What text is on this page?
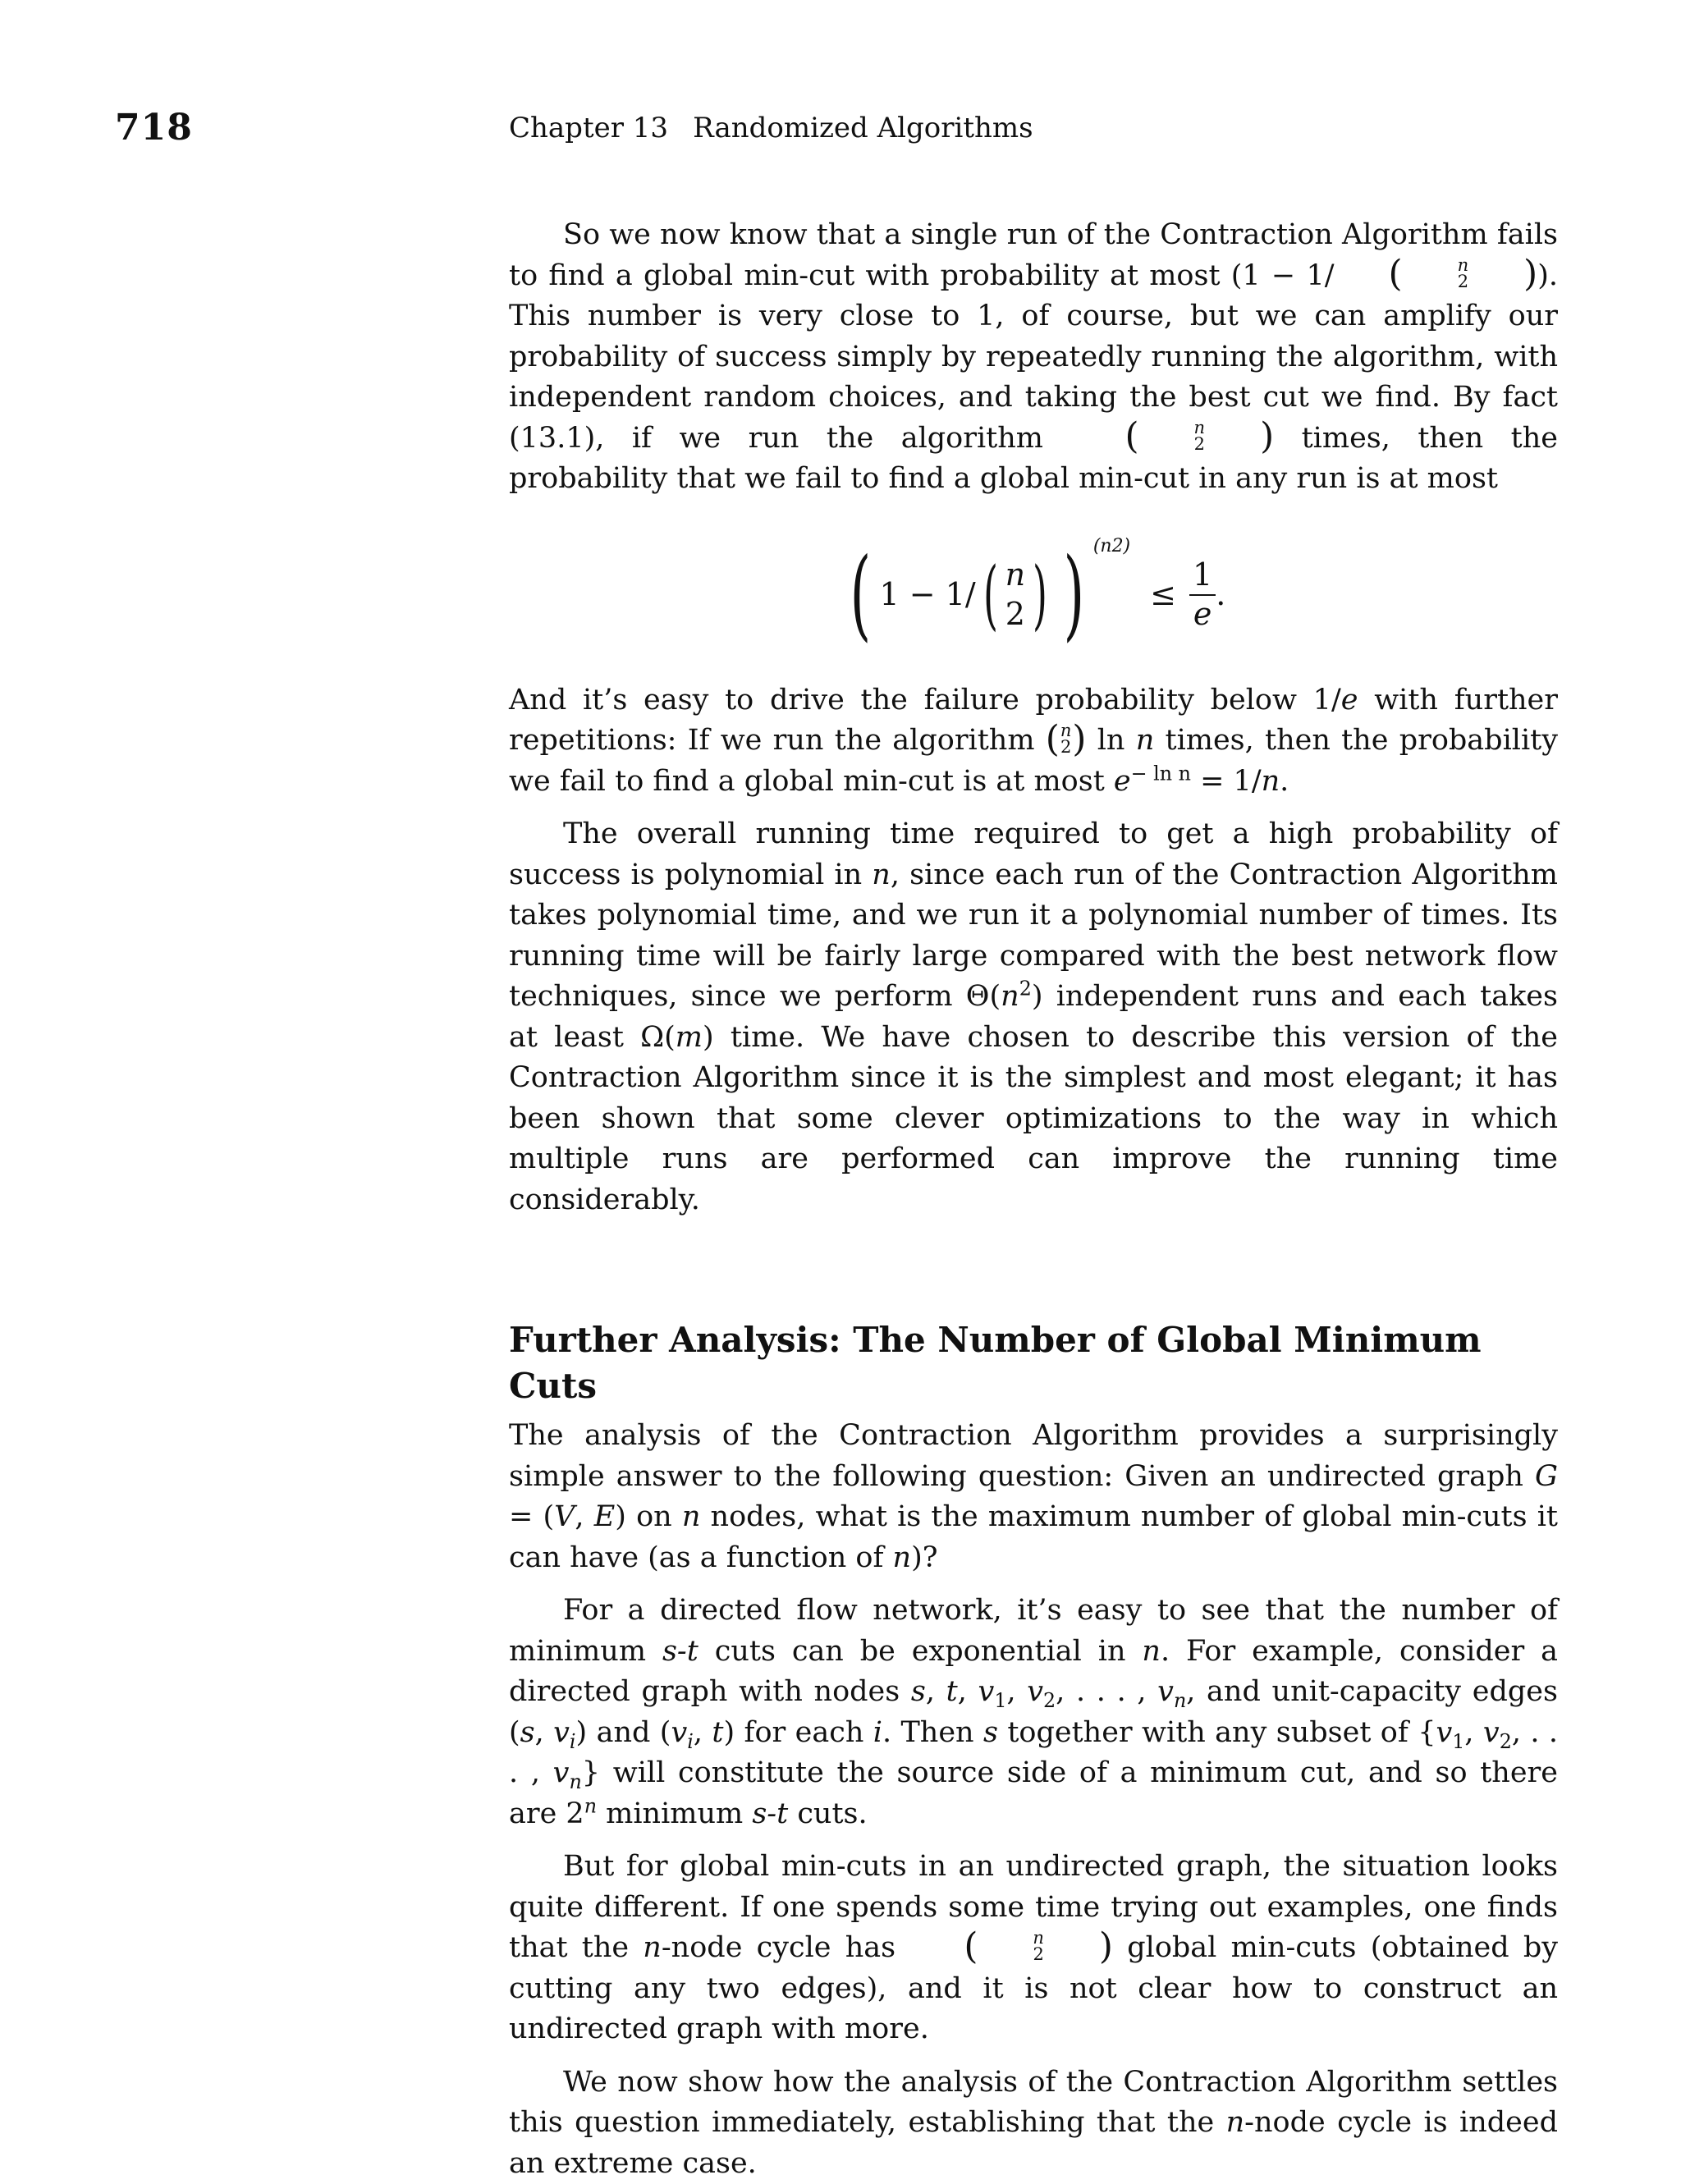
718	Chapter 13 Randomized Algorithms

So we now know that a single run of the Contraction Algorithm fails to find a global min-cut with probability at most (1 − 1/	(	n
2	) ). This number is very close to 1, of course, but we can amplify our probability of success simply by repeatedly running the algorithm, with independent random choices, and taking the best cut we find. By fact (13.1), if we run the algorithm	(	n
2	) times, then the probability that we fail to find a global min-cut in any run is at most

( 1 − 1/ ( n
2 ) ) (n2)
≤ $\frac{1}{e}$ .

And it’s easy to drive the failure probability below 1/e with further repetitions: If we run the algorithm ( n
2 ) ln n times, then the probability we fail to find a global min-cut is at most $e^{- ln n} = 1/n$.

The overall running time required to get a high probability of success is polynomial in n, since each run of the Contraction Algorithm takes polynomial time, and we run it a polynomial number of times. Its running time will be fairly large compared with the best network flow techniques, since we perform $\Theta(n^2)$ independent runs and each takes at least Ω(m) time. We have chosen to describe this version of the Contraction Algorithm since it is the simplest and most elegant; it has been shown that some clever optimizations to the way in which multiple runs are performed can improve the running time considerably.

Further Analysis: The Number of Global Minimum Cuts

The analysis of the Contraction Algorithm provides a surprisingly simple answer to the following question: Given an undirected graph G = (V, E) on n nodes, what is the maximum number of global min-cuts it can have (as a function of n)?

For a directed flow network, it’s easy to see that the number of minimum s-t cuts can be exponential in n. For example, consider a directed graph with nodes s, t, $v_1$, $v_2$, . . . , $v_n$, and unit-capacity edges (s, $v_i$) and ($v_i$, t) for each i. Then s together with any subset of {$v_1$, $v_2$, . . . , $v_n$} will constitute the source side of a minimum cut, and so there are 2$^n$ minimum s-t cuts.

But for global min-cuts in an undirected graph, the situation looks quite different. If one spends some time trying out examples, one finds that the n-node cycle has	(	n
2	) global min-cuts (obtained by cutting any two edges), and it is not clear how to construct an undirected graph with more.

We now show how the analysis of the Contraction Algorithm settles this question immediately, establishing that the n-node cycle is indeed an extreme case.
